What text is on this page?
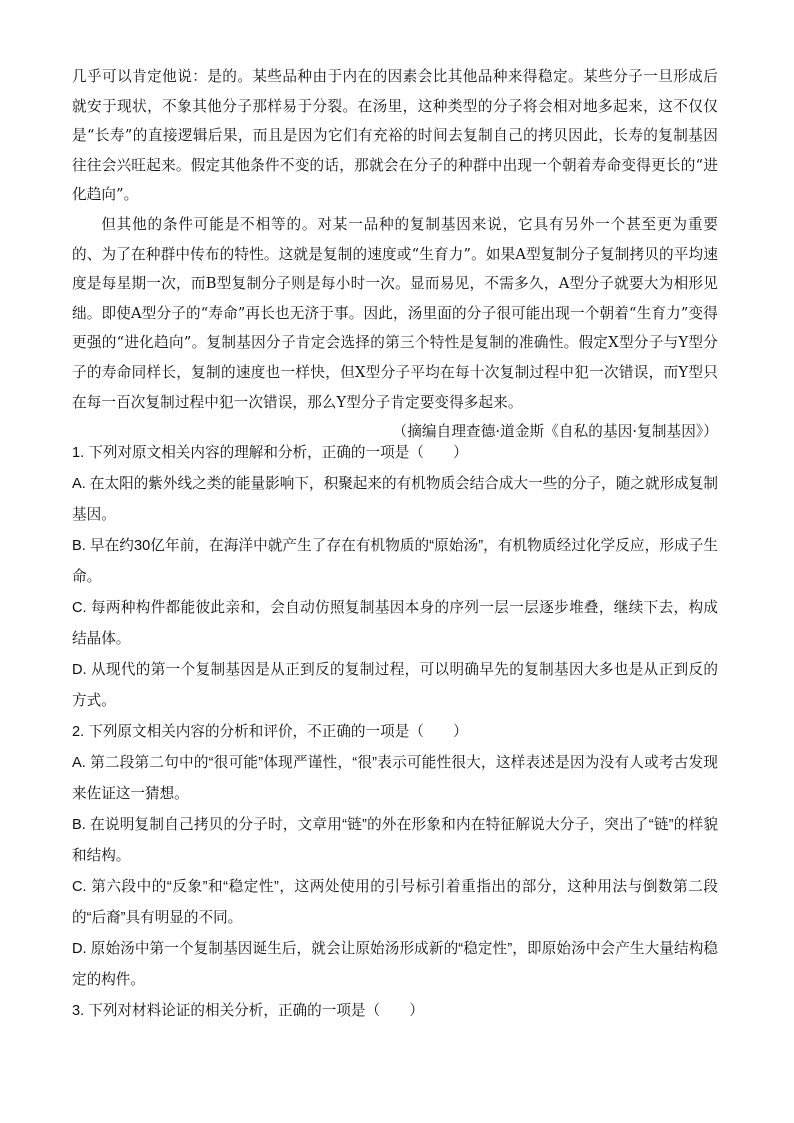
几乎可以肯定他说：是的。某些品种由于内在的因素会比其他品种来得稳定。某些分子一旦形成后就安于现状，不象其他分子那样易于分裂。在汤里，这种类型的分子将会相对地多起来，这不仅仅是“长寿”的直接逻辑后果，而且是因为它们有充裕的时间去复制自己的拷贝因此，长寿的复制基因往往会兴旺起来。假定其他条件不变的话，那就会在分子的种群中出现一个朝着寿命变得更长的“进化趋向”。

但其他的条件可能是不相等的。对某一品种的复制基因来说，它具有另外一个甚至更为重要的、为了在种群中传布的特性。这就是复制的速度或“生育力”。如果A型复制分子复制拷贝的平均速度是每星期一次，而B型复制分子则是每小时一次。显而易见，不需多久，A型分子就要大为相形见绌。即使A型分子的“寿命”再长也无济于事。因此，汤里面的分子很可能出现一个朝着“生育力”变得更强的“进化趋向”。复制基因分子肯定会选择的第三个特性是复制的准确性。假定X型分子与Y型分子的寿命同样长，复制的速度也一样快，但X型分子平均在每十次复制过程中犯一次错误，而Y型只在每一百次复制过程中犯一次错误，那么Y型分子肯定要变得多起来。

（摘编自理查德·道金斯《自私的基因·复制基因》）

1. 下列对原文相关内容的理解和分析，正确的一项是（　　）

A. 在太阳的紫外线之类的能量影响下，积聚起来的有机物质会结合成大一些的分子，随之就形成复制基因。

B. 早在约30亿年前，在海洋中就产生了存在有机物质的“原始汤”，有机物质经过化学反应，形成子生命。

C. 每两种构件都能彼此亲和，会自动仿照复制基因本身的序列一层一层逐步堆叠，继续下去，构成结晶体。

D. 从现代的第一个复制基因是从正到反的复制过程，可以明确早先的复制基因大多也是从正到反的方式。

2. 下列原文相关内容的分析和评价，不正确的一项是（　　）

A. 第二段第二句中的“很可能”体现严谨性，“很”表示可能性很大，这样表述是因为没有人或考古发现来佐证这一猜想。

B. 在说明复制自己拷贝的分子时，文章用“链”的外在形象和内在特征解说大分子，突出了“链”的样貌和结构。

C. 第六段中的“反象”和“稳定性”，这两处使用的引号标引着重指出的部分，这种用法与倒数第二段的“后裔”具有明显的不同。

D. 原始汤中第一个复制基因诞生后，就会让原始汤形成新的“稳定性”，即原始汤中会产生大量结构稳定的构件。

3. 下列对材料论证的相关分析，正确的一项是（　　）
